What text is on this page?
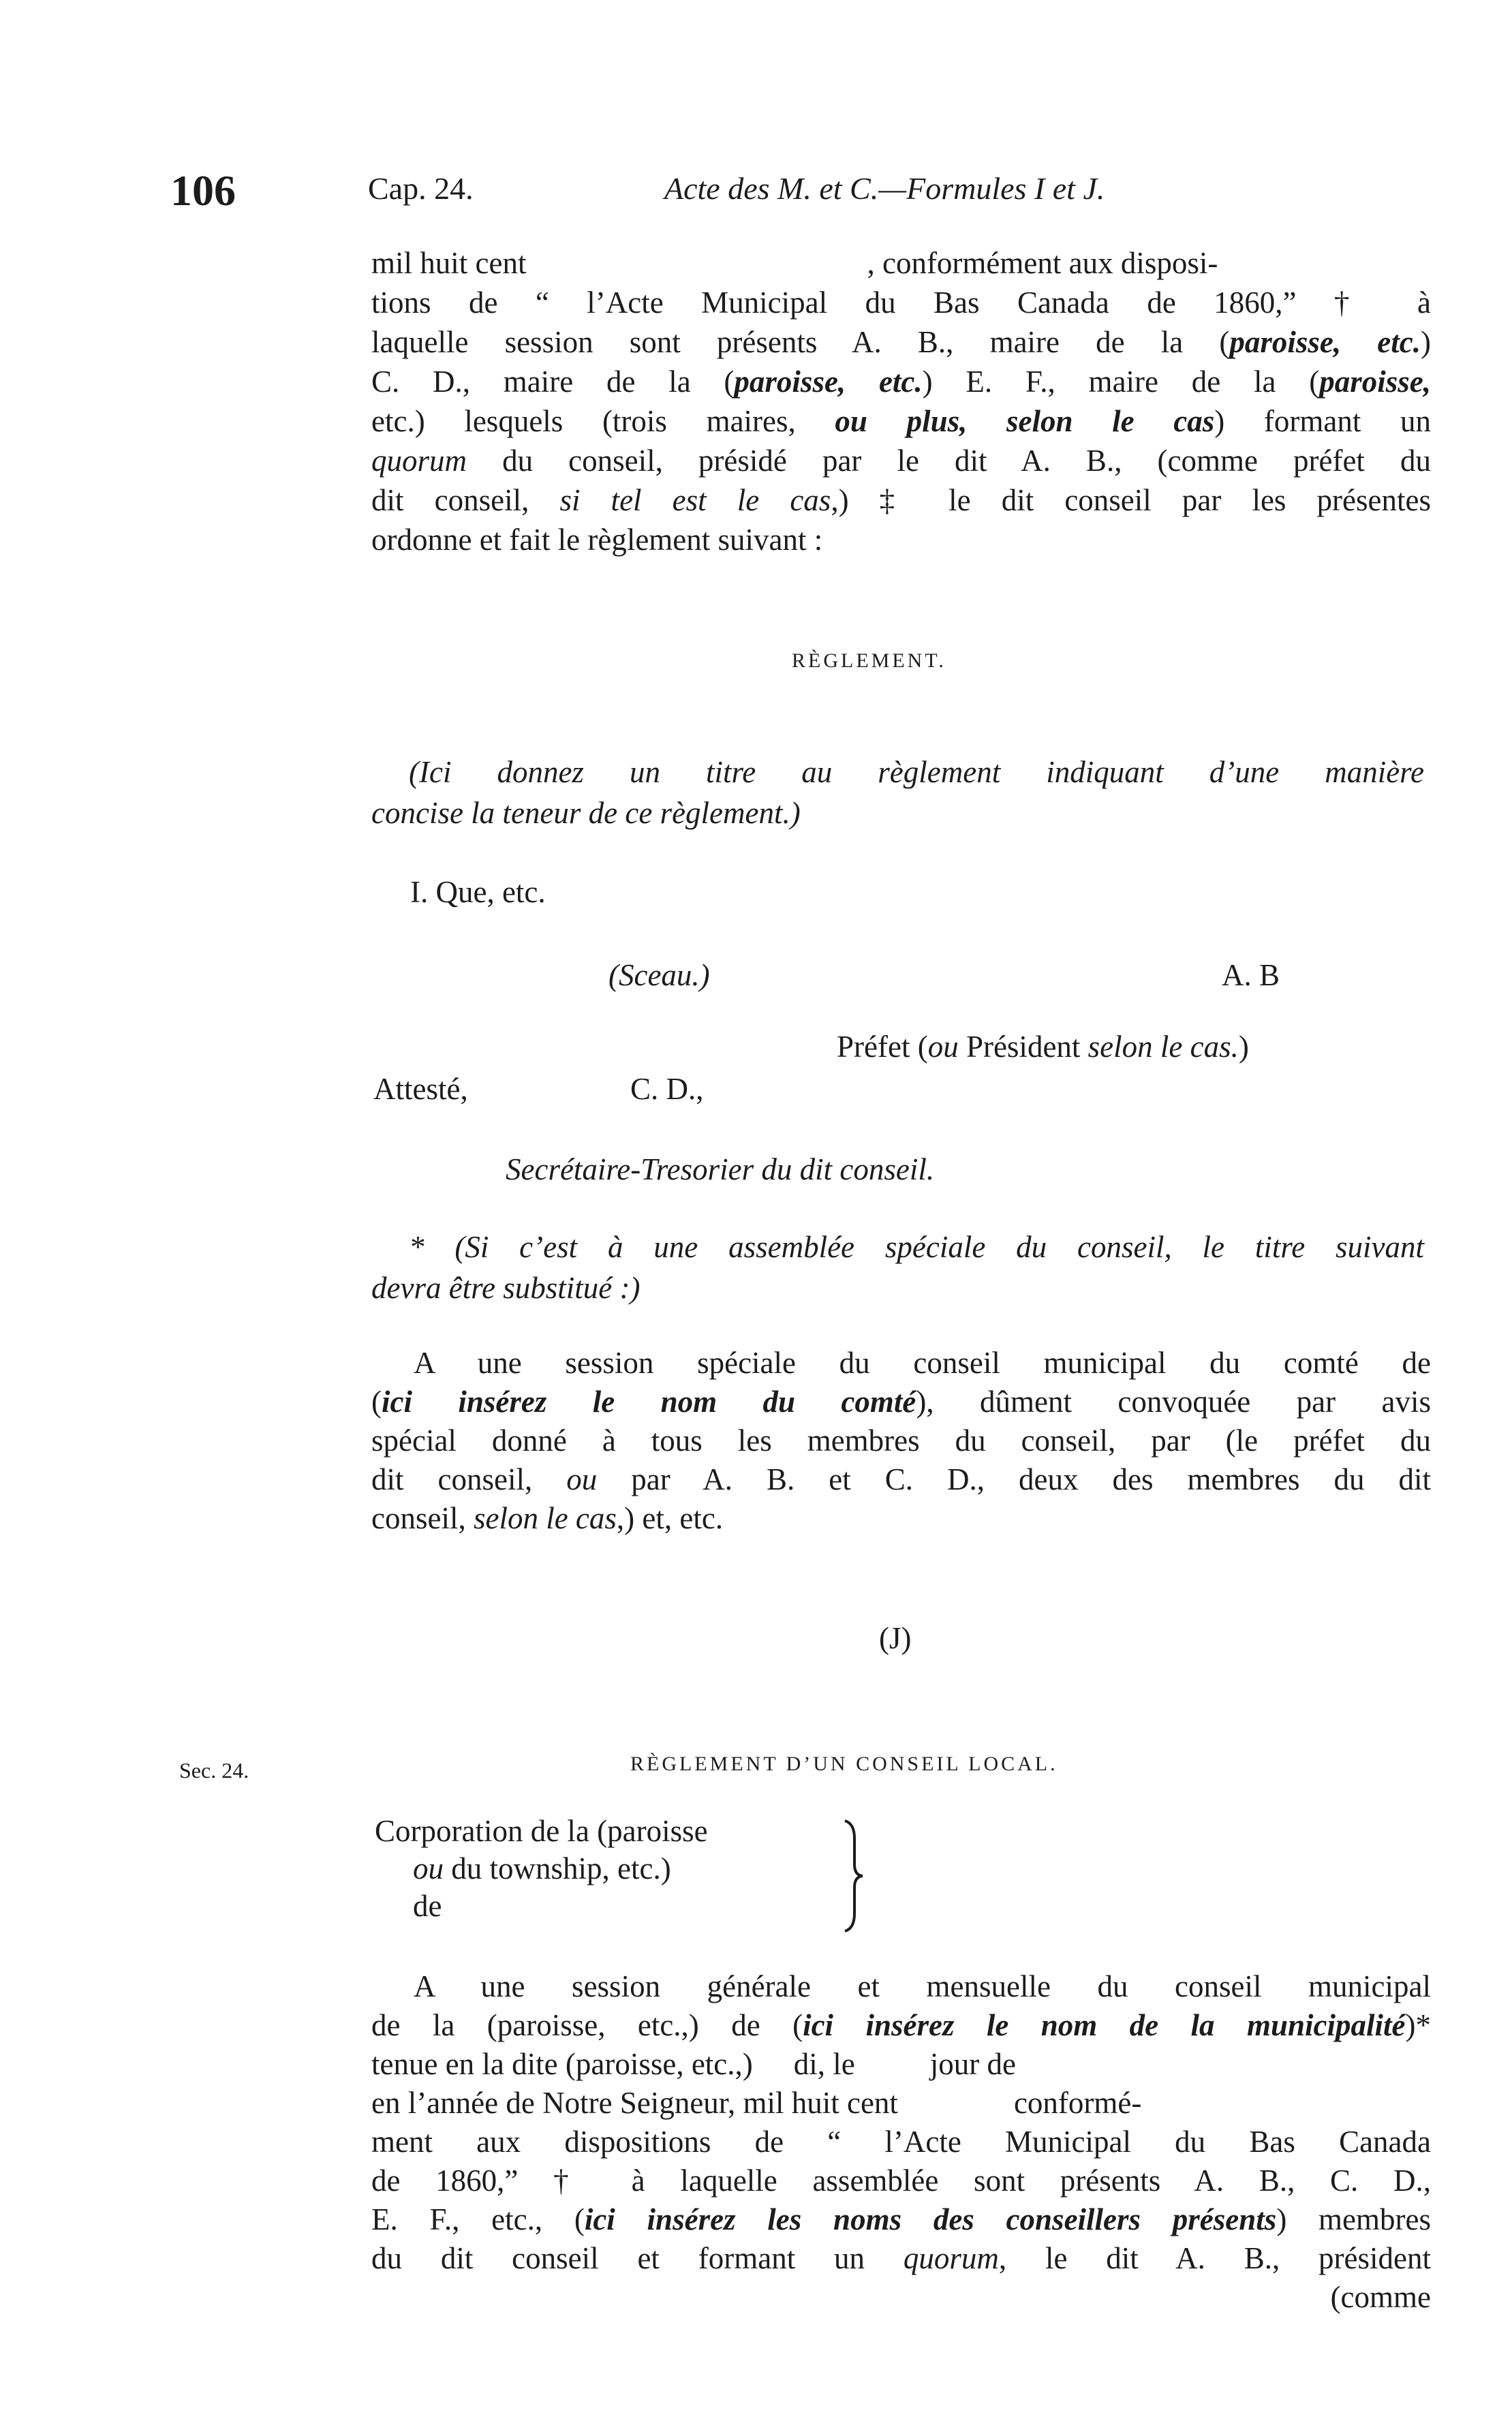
106	Cap. 24.	Acte des M. et C.—Formules I et J.
mil huit cent	, conformément aux disposi-
tions de “ l’Acte Municipal du Bas Canada de 1860,” † à
laquelle session sont présents A. B., maire de la (paroisse, etc.)
C. D., maire de la (paroisse, etc.) E. F., maire de la (paroisse,
etc.) lesquels (trois maires, ou plus, selon le cas) formant un
quorum du conseil, présidé par le dit A. B., (comme préfet du
dit conseil, si tel est le cas,) ‡ le dit conseil par les présentes
ordonne et fait le règlement suivant :
RÈGLEMENT.
(Ici donnez un titre au règlement indiquant d’une manière
concise la teneur de ce règlement.)
I. Que, etc.
(Sceau.)	A. B
Préfet (ou Président selon le cas.)
Attesté,	C. D.,
Secrétaire-Tresorier du dit conseil.
* (Si c’est à une assemblée spéciale du conseil, le titre suivant
devra être substitué :)
A une session spéciale du conseil municipal du comté de
(ici insérez le nom du comté), dûment convoquée par avis
spécial donné à tous les membres du conseil, par (le préfet du
dit conseil, ou par A. B. et C. D., deux des membres du dit
conseil, selon le cas,) et, etc.
(J)
Sec. 24.	RÈGLEMENT D’UN CONSEIL LOCAL.
Corporation de la (paroisse
ou du township, etc.)
de
A une session générale et mensuelle du conseil municipal
de la (paroisse, etc.,) de (ici insérez le nom de la municipalité)*
tenue en la dite (paroisse, etc.,) di, le jour de
en l’année de Notre Seigneur, mil huit cent	conformé-
ment aux dispositions de “ l’Acte Municipal du Bas Canada
de 1860,” † à laquelle assemblée sont présents A. B., C. D.,
E. F., etc., (ici insérez les noms des conseillers présents) membres
du dit conseil et formant un quorum, le dit A. B., président
(comme
